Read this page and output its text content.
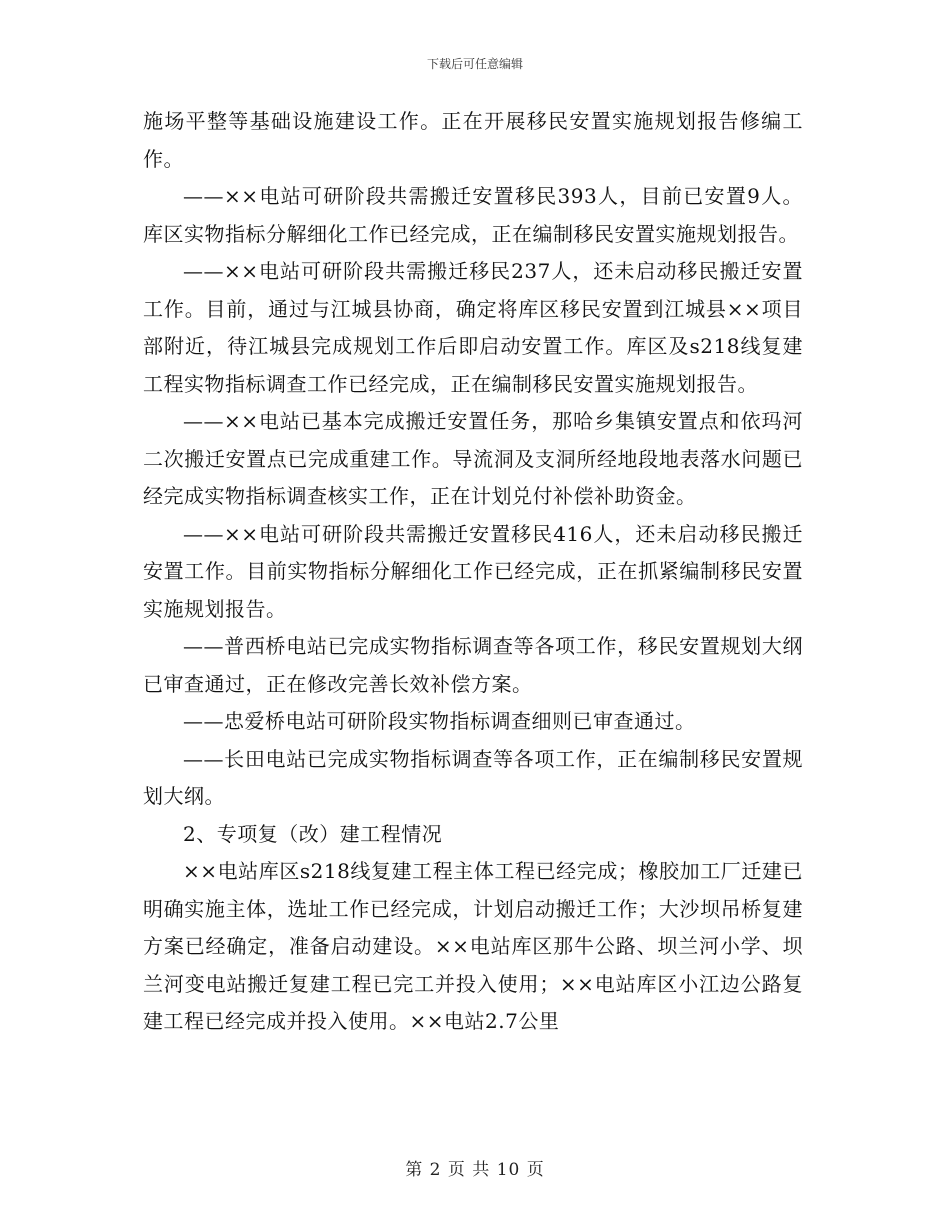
下载后可任意编辑

施场平整等基础设施建设工作。正在开展移民安置实施规划报告修编工作。

——××电站可研阶段共需搬迁安置移民393人，目前已安置9人。库区实物指标分解细化工作已经完成，正在编制移民安置实施规划报告。

——××电站可研阶段共需搬迁移民237人，还未启动移民搬迁安置工作。目前，通过与江城县协商，确定将库区移民安置到江城县××项目部附近，待江城县完成规划工作后即启动安置工作。库区及s218线复建工程实物指标调查工作已经完成，正在编制移民安置实施规划报告。

——××电站已基本完成搬迁安置任务，那哈乡集镇安置点和依玛河二次搬迁安置点已完成重建工作。导流洞及支洞所经地段地表落水问题已经完成实物指标调查核实工作，正在计划兑付补偿补助资金。

——××电站可研阶段共需搬迁安置移民416人，还未启动移民搬迁安置工作。目前实物指标分解细化工作已经完成，正在抓紧编制移民安置实施规划报告。

——普西桥电站已完成实物指标调查等各项工作，移民安置规划大纲已审查通过，正在修改完善长效补偿方案。

——忠爱桥电站可研阶段实物指标调查细则已审查通过。

——长田电站已完成实物指标调查等各项工作，正在编制移民安置规划大纲。

2、专项复（改）建工程情况

××电站库区s218线复建工程主体工程已经完成；橡胶加工厂迁建已明确实施主体，选址工作已经完成，计划启动搬迁工作；大沙坝吊桥复建方案已经确定，准备启动建设。××电站库区那牛公路、坝兰河小学、坝兰河变电站搬迁复建工程已完工并投入使用；××电站库区小江边公路复建工程已经完成并投入使用。××电站2.7公里

第 2 页 共 10 页
